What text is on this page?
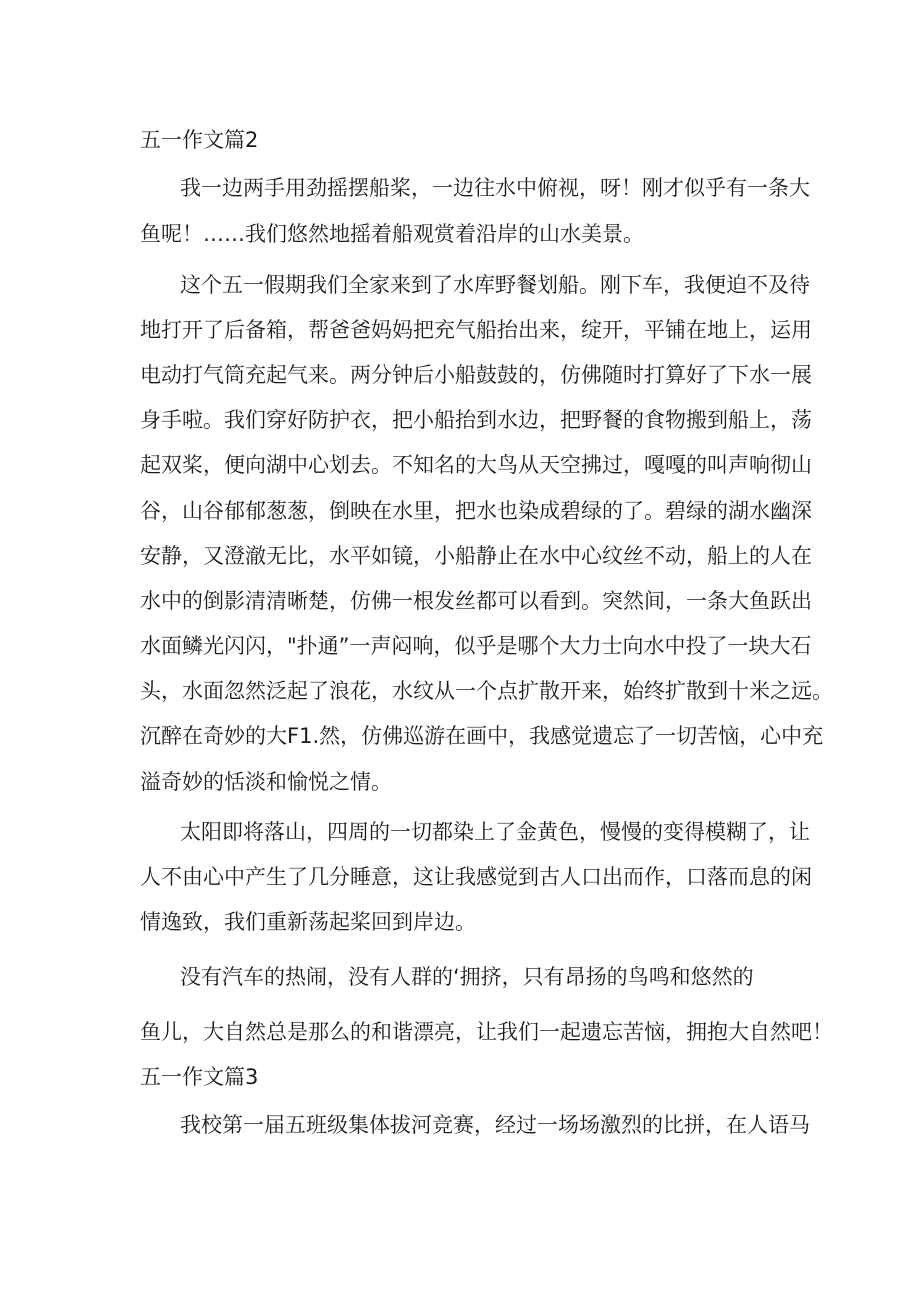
五一作文篇2
我一边两手用劲摇摆船桨，一边往水中俯视，呀！刚才似乎有一条大
鱼呢！……我们悠然地摇着船观赏着沿岸的山水美景。
这个五一假期我们全家来到了水库野餐划船。刚下车，我便迫不及待
地打开了后备箱，帮爸爸妈妈把充气船抬出来，绽开，平铺在地上，运用
电动打气筒充起气来。两分钟后小船鼓鼓的，仿佛随时打算好了下水一展
身手啦。我们穿好防护衣，把小船抬到水边，把野餐的食物搬到船上，荡
起双桨，便向湖中心划去。不知名的大鸟从天空拂过，嘎嘎的叫声响彻山
谷，山谷郁郁葱葱，倒映在水里，把水也染成碧绿的了。碧绿的湖水幽深
安静，又澄澈无比，水平如镜，小船静止在水中心纹丝不动，船上的人在
水中的倒影清清晰楚，仿佛一根发丝都可以看到。突然间，一条大鱼跃出
水面鳞光闪闪，"扑通”一声闷响，似乎是哪个大力士向水中投了一块大石
头，水面忽然泛起了浪花，水纹从一个点扩散开来，始终扩散到十米之远。
沉醉在奇妙的大F1.然，仿佛巡游在画中，我感觉遗忘了一切苦恼，心中充
溢奇妙的恬淡和愉悦之情。
太阳即将落山，四周的一切都染上了金黄色，慢慢的变得模糊了，让
人不由心中产生了几分睡意，这让我感觉到古人口出而作，口落而息的闲
情逸致，我们重新荡起桨回到岸边。
没有汽车的热闹，没有人群的‘拥挤，只有昂扬的鸟鸣和悠然的
鱼儿，大自然总是那么的和谐漂亮，让我们一起遗忘苦恼，拥抱大自然吧！
五一作文篇3
我校第一届五班级集体拔河竞赛，经过一场场激烈的比拼，在人语马
